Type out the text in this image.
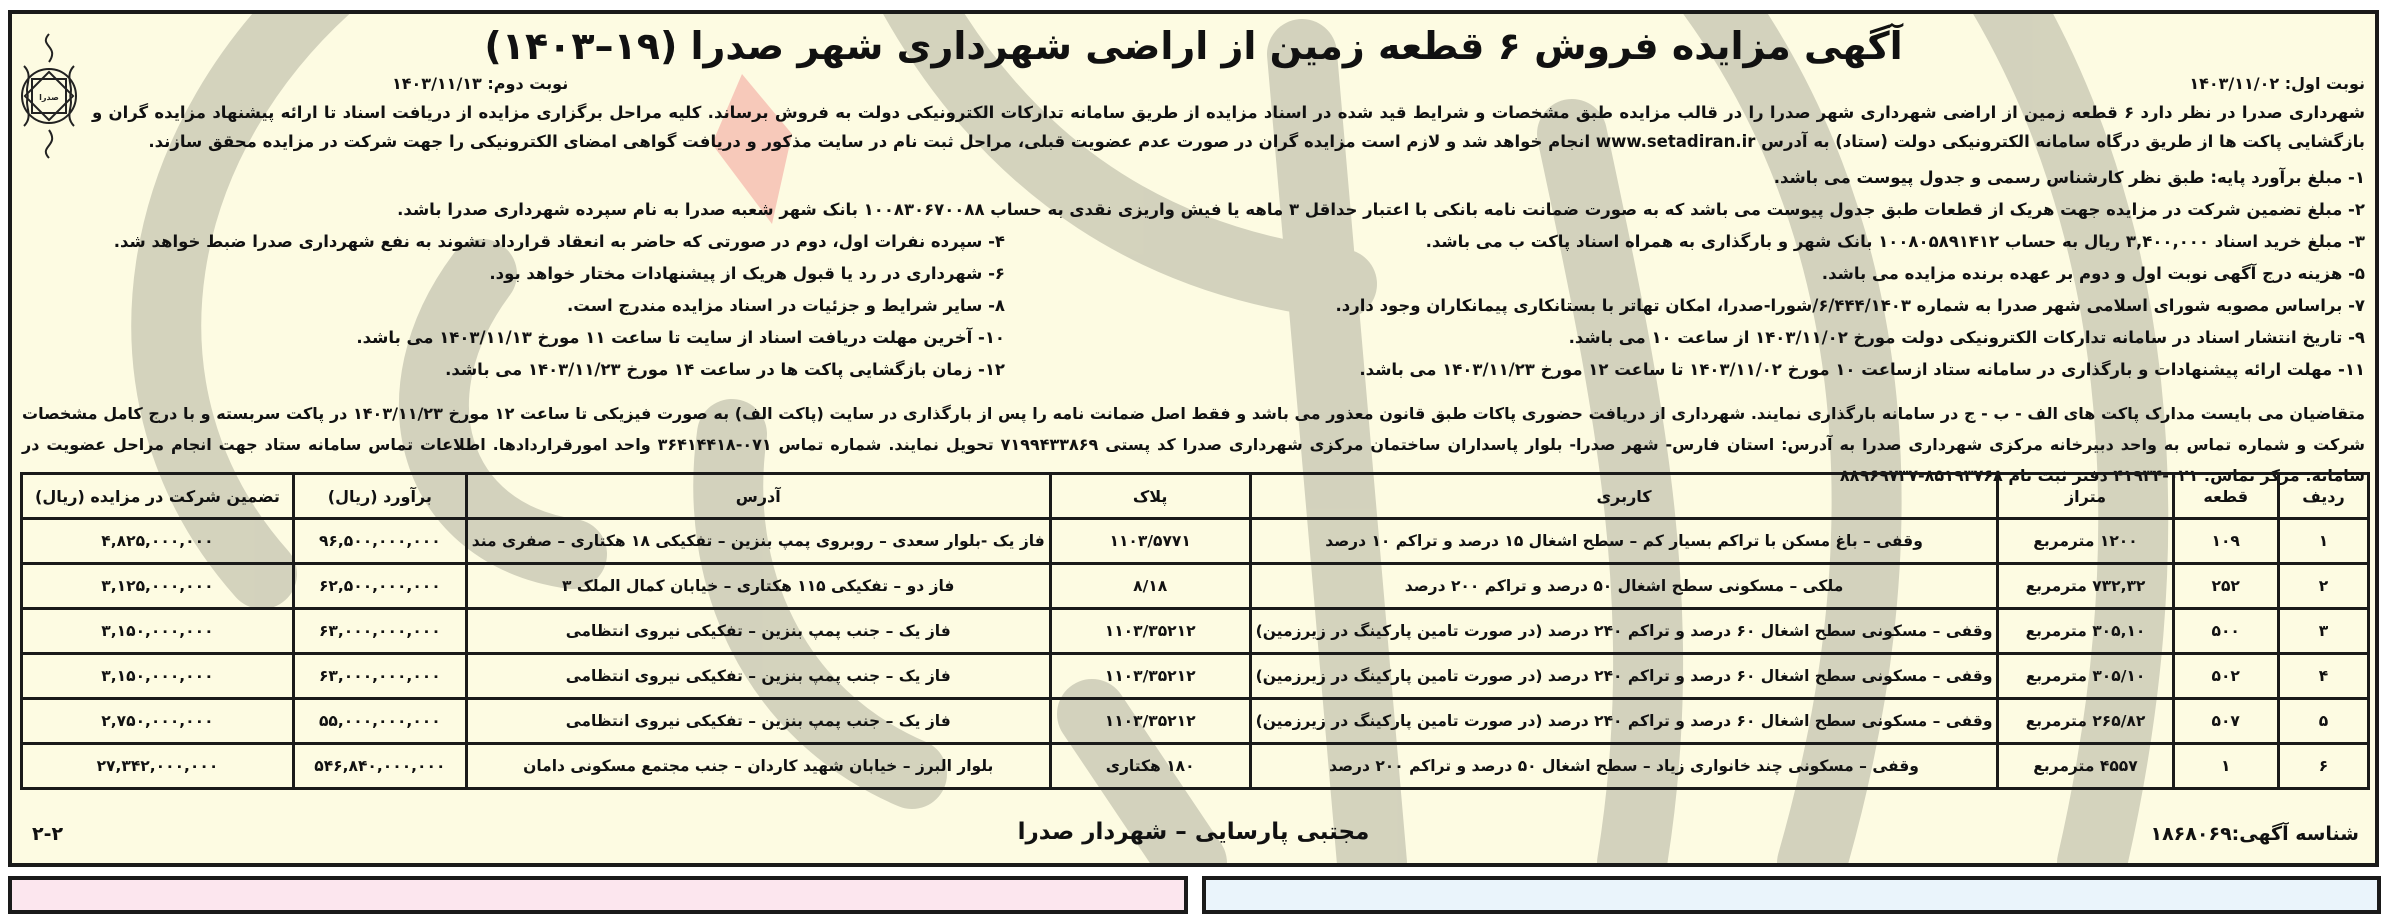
صدرا
آگهی مزایده فروش ۶ قطعه زمین از اراضی شهرداری شهر صدرا (۱۹–۱۴۰۳)
نوبت اول: ۱۴۰۳/۱۱/۰۲
نوبت دوم: ۱۴۰۳/۱۱/۱۳
شهرداری صدرا در نظر دارد ۶ قطعه زمین از اراضی شهرداری شهر صدرا را در قالب مزایده طبق مشخصات و شرایط قید شده در اسناد مزایده از طریق سامانه تدارکات الکترونیکی دولت به فروش برساند. کلیه مراحل برگزاری مزایده از دریافت اسناد تا ارائه پیشنهاد مزایده گران و بازگشایی پاکت ها از طریق درگاه سامانه الکترونیکی دولت (ستاد) به آدرس www.setadiran.ir انجام خواهد شد و لازم است مزایده گران در صورت عدم عضویت قبلی، مراحل ثبت نام در سایت مذکور و دریافت گواهی امضای الکترونیکی را جهت شرکت در مزایده محقق سازند.
۱- مبلغ برآورد پایه: طبق نظر کارشناس رسمی و جدول پیوست می باشد.
۲- مبلغ تضمین شرکت در مزایده جهت هریک از قطعات طبق جدول پیوست می باشد که به صورت ضمانت نامه بانکی با اعتبار حداقل ۳ ماهه یا فیش واریزی نقدی به حساب ۱۰۰۸۳۰۶۷۰۰۸۸ بانک شهر شعبه صدرا به نام سپرده شهرداری صدرا باشد.
۳- مبلغ خرید اسناد ۳,۴۰۰,۰۰۰ ریال به حساب ۱۰۰۸۰۵۸۹۱۴۱۲ بانک شهر و بارگذاری به همراه اسناد پاکت ب می باشد.
۴- سپرده نفرات اول، دوم در صورتی که حاضر به انعقاد قرارداد نشوند به نفع شهرداری صدرا ضبط خواهد شد.
۵- هزینه درج آگهی نوبت اول و دوم بر عهده برنده مزایده می باشد.
۶- شهرداری در رد یا قبول هریک از پیشنهادات مختار خواهد بود.
۷- براساس مصوبه شورای اسلامی شهر صدرا به شماره ۶/۴۴۴/۱۴۰۳/شورا-صدرا، امکان تهاتر با بستانکاری پیمانکاران وجود دارد.
۸- سایر شرایط و جزئیات در اسناد مزایده مندرج است.
۹- تاریخ انتشار اسناد در سامانه تدارکات الکترونیکی دولت مورخ ۱۴۰۳/۱۱/۰۲ از ساعت ۱۰ می باشد.
۱۰- آخرین مهلت دریافت اسناد از سایت تا ساعت ۱۱ مورخ ۱۴۰۳/۱۱/۱۳ می باشد.
۱۱- مهلت ارائه پیشنهادات و بارگذاری در سامانه ستاد ازساعت ۱۰ مورخ ۱۴۰۳/۱۱/۰۲ تا ساعت ۱۲ مورخ ۱۴۰۳/۱۱/۲۳ می باشد.
۱۲- زمان بازگشایی پاکت ها در ساعت ۱۴ مورخ ۱۴۰۳/۱۱/۲۳ می باشد.
متقاضیان می بایست مدارک پاکت های الف - ب - ج در سامانه بارگذاری نمایند. شهرداری از دریافت حضوری پاکات طبق قانون معذور می باشد و فقط اصل ضمانت نامه را پس از بارگذاری در سایت (پاکت الف) به صورت فیزیکی تا ساعت ۱۲ مورخ ۱۴۰۳/۱۱/۲۳ در پاکت سربسته و با درج کامل مشخصات شرکت و شماره تماس به واحد دبیرخانه مرکزی شهرداری صدرا به آدرس: استان فارس- شهر صدرا- بلوار پاسداران ساختمان مرکزی شهرداری صدرا کد پستی ۷۱۹۹۴۳۳۸۶۹ تحویل نمایند. شماره تماس ۰۷۱-۳۶۴۱۴۴۱۸ واحد امورقراردادها. اطلاعات تماس سامانه ستاد جهت انجام مراحل عضویت در سامانه: مرکز تماس: ۰۲۱-۴۱۹۳۴ دفتر ثبت نام ۸۵۱۹۳۷۶۸-۸۸۹۶۹۷۳۷
ردیف	قطعه	متراز	کاربری	پلاک	آدرس	برآورد (ریال)	تضمین شرکت در مزایده (ریال)
۱	۱۰۹	۱۲۰۰ مترمربع	وقفی – باغ مسکن با تراکم بسیار کم – سطح اشغال ۱۵ درصد و تراکم ۱۰ درصد	۱۱۰۳/۵۷۷۱	فاز یک -بلوار سعدی – روبروی پمپ بنزین – تفکیکی ۱۸ هکتاری – صفری مند	۹۶,۵۰۰,۰۰۰,۰۰۰	۴,۸۲۵,۰۰۰,۰۰۰
۲	۲۵۲	۷۳۲,۳۲ مترمربع	ملکی – مسکونی سطح اشغال ۵۰ درصد و تراکم ۲۰۰ درصد	۸/۱۸	فاز دو – تفکیکی ۱۱۵ هکتاری – خیابان کمال الملک ۳	۶۲,۵۰۰,۰۰۰,۰۰۰	۳,۱۲۵,۰۰۰,۰۰۰
۳	۵۰۰	۳۰۵,۱۰ مترمربع	وقفی – مسکونی سطح اشغال ۶۰ درصد و تراکم ۲۴۰ درصد (در صورت تامین پارکینگ در زیرزمین)	۱۱۰۳/۳۵۲۱۲	فاز یک – جنب پمپ بنزین – تفکیکی نیروی انتظامی	۶۳,۰۰۰,۰۰۰,۰۰۰	۳,۱۵۰,۰۰۰,۰۰۰
۴	۵۰۲	۳۰۵/۱۰ مترمربع	وقفی – مسکونی سطح اشغال ۶۰ درصد و تراکم ۲۴۰ درصد (در صورت تامین پارکینگ در زیرزمین)	۱۱۰۳/۳۵۲۱۲	فاز یک – جنب پمپ بنزین – تفکیکی نیروی انتظامی	۶۳,۰۰۰,۰۰۰,۰۰۰	۳,۱۵۰,۰۰۰,۰۰۰
۵	۵۰۷	۲۶۵/۸۲ مترمربع	وقفی – مسکونی سطح اشغال ۶۰ درصد و تراکم ۲۴۰ درصد (در صورت تامین پارکینگ در زیرزمین)	۱۱۰۳/۳۵۲۱۲	فاز یک – جنب پمپ بنزین – تفکیکی نیروی انتظامی	۵۵,۰۰۰,۰۰۰,۰۰۰	۲,۷۵۰,۰۰۰,۰۰۰
۶	۱	۴۵۵۷ مترمربع	وقفی – مسکونی چند خانواری زیاد – سطح اشغال ۵۰ درصد و تراکم ۲۰۰ درصد	۱۸۰ هکتاری	بلوار البرز – خیابان شهید کاردان – جنب مجتمع مسکونی دامان	۵۴۶,۸۴۰,۰۰۰,۰۰۰	۲۷,۳۴۲,۰۰۰,۰۰۰
مجتبی پارسایی – شهردار صدرا	شناسه آگهی:۱۸۶۸۰۶۹
۲-۲
